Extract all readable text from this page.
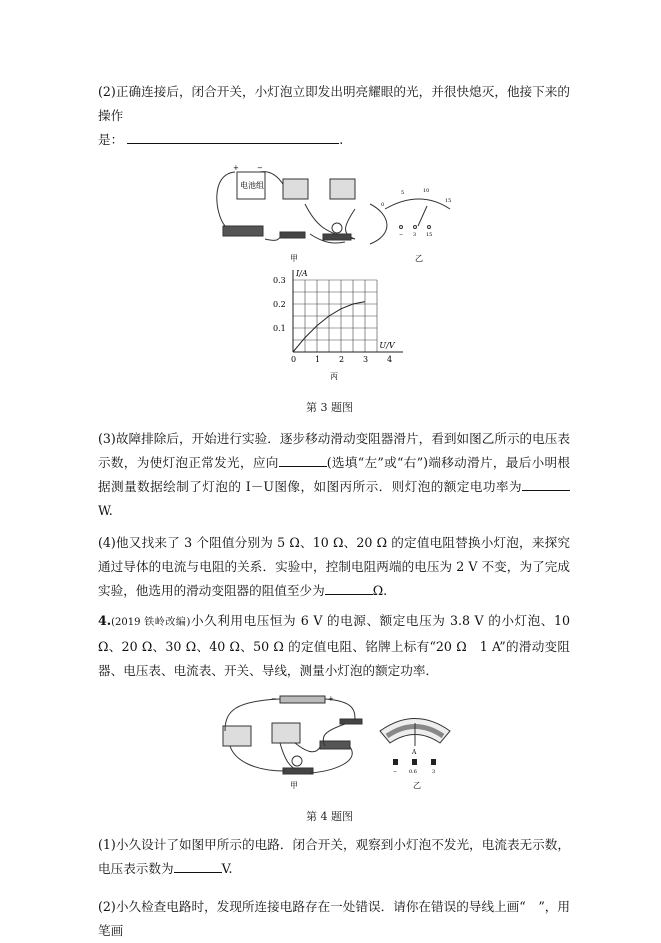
(2)正确连接后，闭合开关，小灯泡立即发出明亮耀眼的光，并很快熄灭，他接下来的操作
是：	.
电池组
+	−
甲
0
5	10
15
− 3 15
乙
0 1 2 3 4
0.1
0.2
0.3
U/V
I/A
丙
第 3 题图
(3)故障排除后，开始进行实验．逐步移动滑动变阻器滑片，看到如图乙所示的电压表示数，为使灯泡正常发光，应向	(选填“左”或“右”)端移动滑片，最后小明根据测量数据绘制了灯泡的 I－U图像，如图丙所示．则灯泡的额定电功率为W.
(4)他又找来了 3 个阻值分别为 5 Ω、10 Ω、20 Ω 的定值电阻替换小灯泡，来探究通过导体的电流与电阻的关系．实验中，控制电阻两端的电压为 2 V 不变，为了完成实验，他选用的滑动变阻器的阻值至少为	Ω.
4.(2019 铁岭改编)小久利用电压恒为 6 V 的电源、额定电压为 3.8 V 的小灯泡、10 Ω、20 Ω、30 Ω、40 Ω、50 Ω 的定值电阻、铭牌上标有“20 Ω　1 A”的滑动变阻器、电压表、电流表、开关、导线，测量小灯泡的额定功率．
−	+
甲
A
− 0.6	3
乙
第 4 题图
(1)小久设计了如图甲所示的电路．闭合开关，观察到小灯泡不发光，电流表无示数，电压表示数为	V.
(2)小久检查电路时，发现所连接电路存在一处错误．请你在错误的导线上画“　”，用笔画
